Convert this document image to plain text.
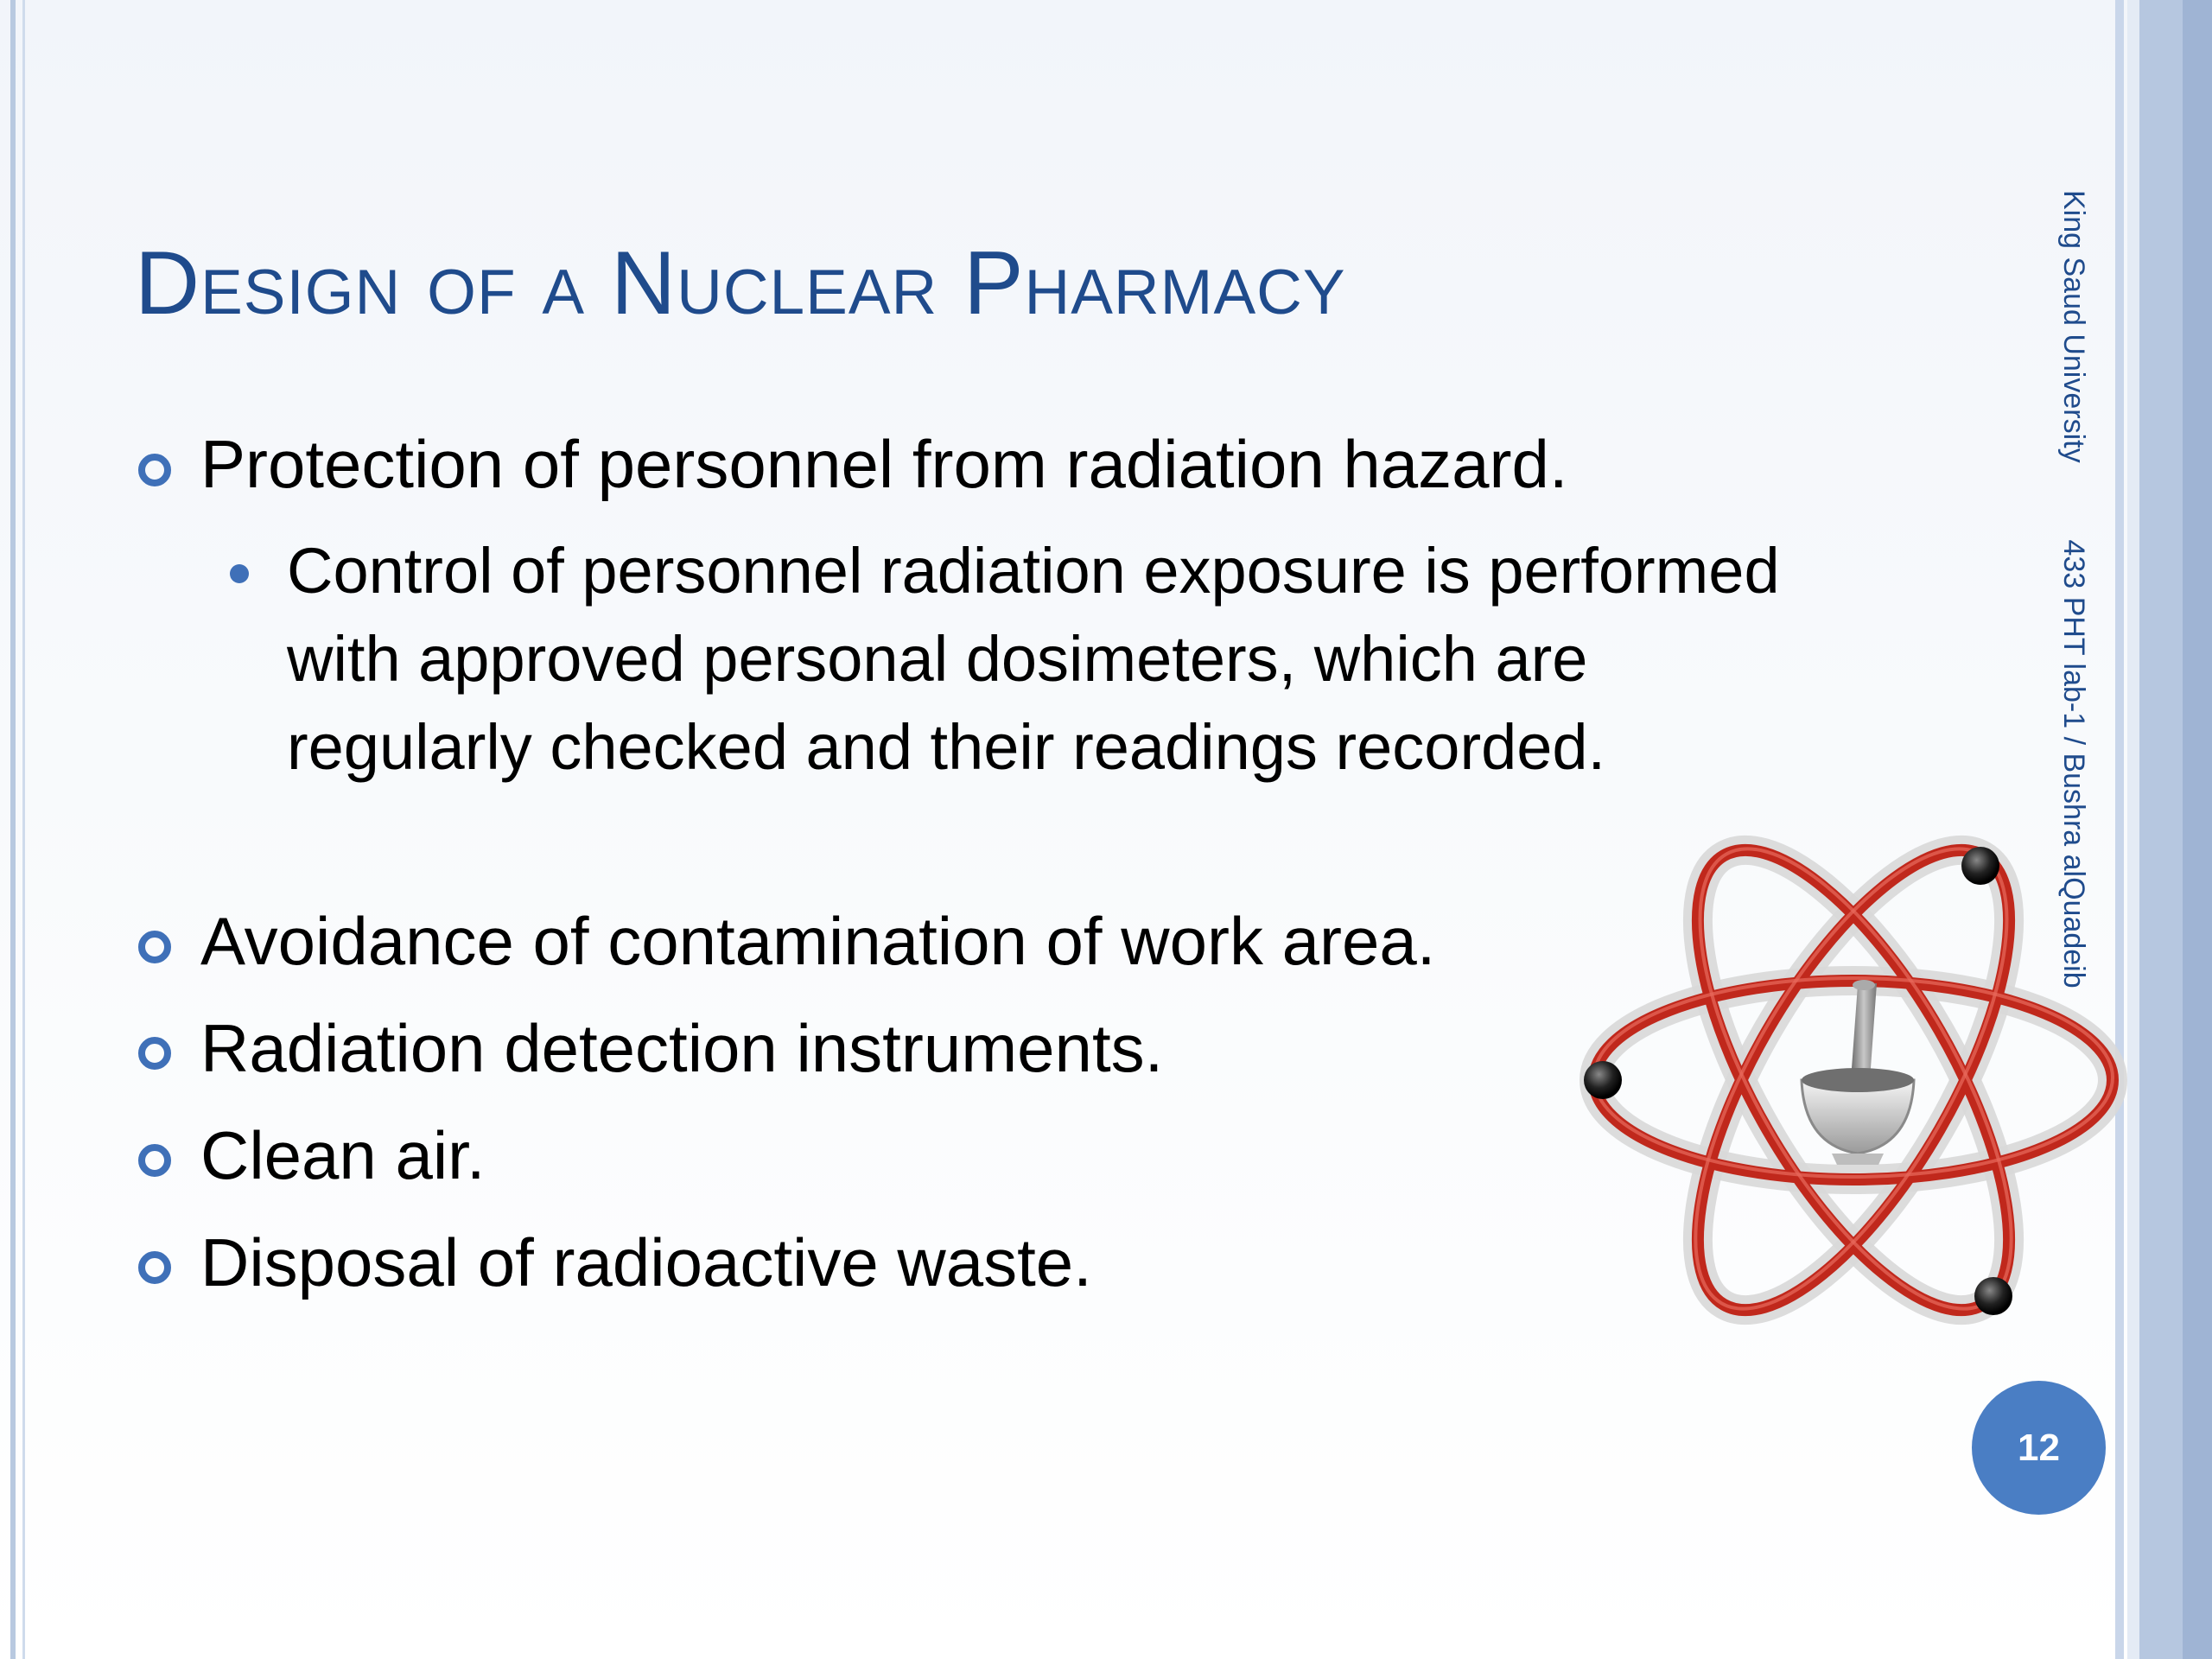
Design of a Nuclear Pharmacy
Protection of personnel from radiation hazard.
Control of personnel radiation exposure is performed with approved personal dosimeters, which are regularly checked and their readings recorded.
Avoidance of contamination of work area.
Radiation detection instruments.
Clean air.
Disposal of radioactive waste.
King Saud University  433 PHT lab-1 / Bushra alQuadeib
12
